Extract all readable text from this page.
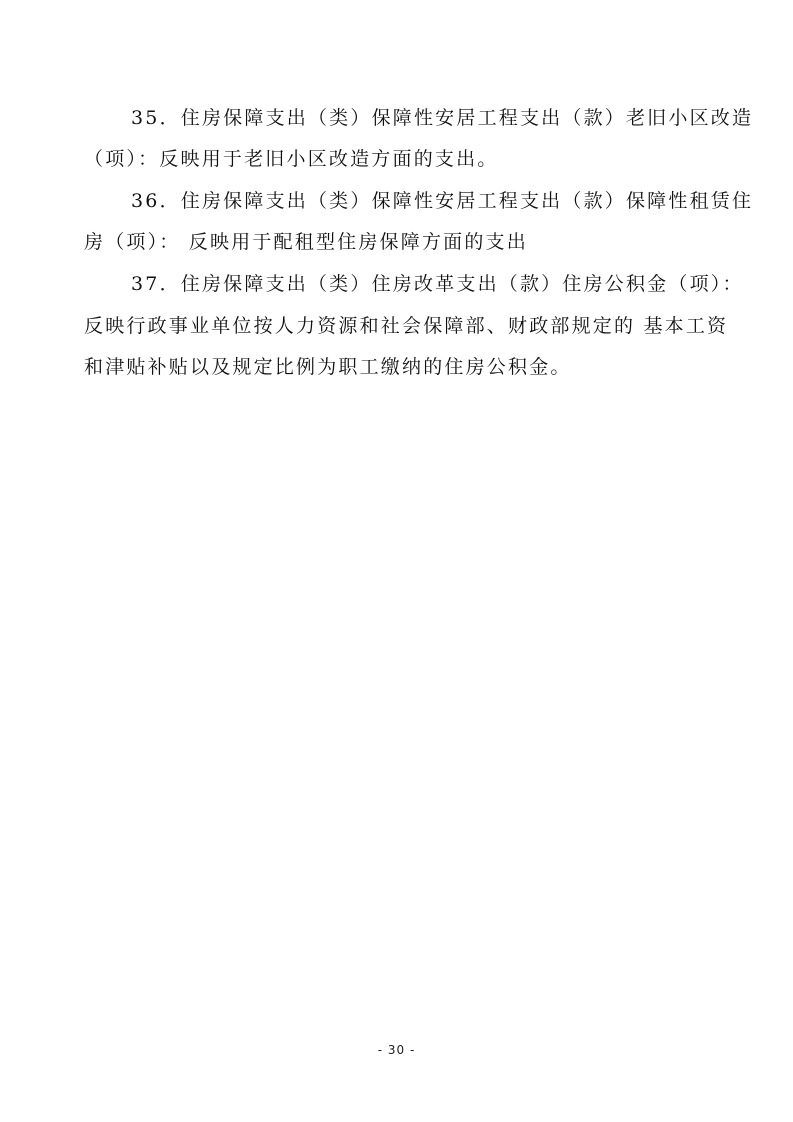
35．住房保障支出（类）保障性安居工程支出（款）老旧小区改造
（项）：反映用于老旧小区改造方面的支出。
36．住房保障支出（类）保障性安居工程支出（款）保障性租赁住
房（项）： 反映用于配租型住房保障方面的支出
37．住房保障支出（类）住房改革支出（款）住房公积金（项）：
反映行政事业单位按人力资源和社会保障部、财政部规定的 基本工资
和津贴补贴以及规定比例为职工缴纳的住房公积金。
- 30 -
